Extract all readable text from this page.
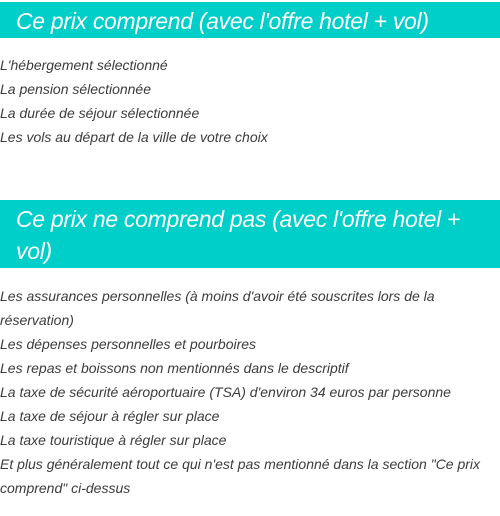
Ce prix comprend (avec l'offre hotel + vol)
L'hébergement sélectionné
La pension sélectionnée
La durée de séjour sélectionnée
Les vols au départ de la ville de votre choix
Ce prix ne comprend pas (avec l'offre hotel + vol)
Les assurances personnelles (à moins d'avoir été souscrites lors de la réservation)
Les dépenses personnelles et pourboires
Les repas et boissons non mentionnés dans le descriptif
La taxe de sécurité aéroportuaire (TSA) d'environ 34 euros par personne
La taxe de séjour à régler sur place
La taxe touristique à régler sur place
Et plus généralement tout ce qui n'est pas mentionné dans la section "Ce prix comprend" ci-dessus
